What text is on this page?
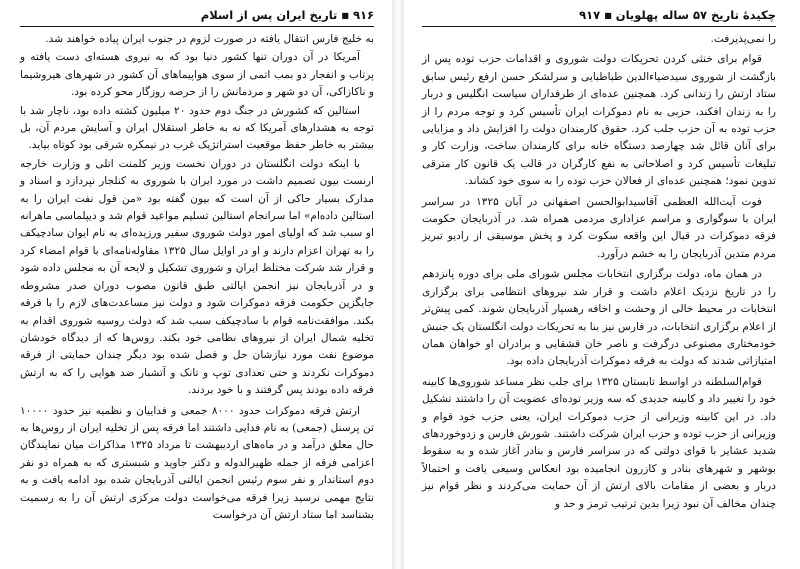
۹۱۶
■
تاریخ ایران پس از اسلام

به خلیج فارس انتقال یافته در صورت لزوم در جنوب ایران پیاده خواهند شد.

آمریکا در آن دوران تنها کشور دنیا بود که به نیروی هسته‌ای دست یافته و پرتاب و انفجار دو بمب اتمی از سوی هواپیماهای آن کشور در شهرهای هیروشیما و ناکازاکی، آن دو شهر و مردمانش را از حرصه روزگار محو کرده بود.

استالین که کشورش در جنگ دوم حدود ۲۰ میلیون کشته داده بود، ناچار شد با توجه به هشدارهای آمریکا که نه به خاطر استقلال ایران و آسایش مردم آن، بل بیشتر به خاطر حفظ موقعیت استراتژیک غرب در نیمکره شرقی بود کوتاه بیاید.

با اینکه دولت انگلستان در دوران نخست وزیر کلمنت اتلی و وزارت خارجه ارنست بیون تصمیم داشت در مورد ایران با شوروی به کنلجار نپردازد و اسناد و مدارک بسیار حاکی از آن است که بیون گفته بود «من قول نفت ایران را به استالین داده‌ام» اما سرانجام استالین تسلیم مواعید قوام شد و دیپلماسی ماهرانه او سبب شد که اولیای امور دولت شوروی سفیر ورزیده‌ای به نام ایوان سادچیکف را به تهران اعزام دارند و او در اوایل سال ۱۳۲۵ مقاوله‌نامه‌ای با قوام امضاء کرد و قرار شد شرکت مختلط ایران و شوروی تشکیل و لایحه آن به مجلس داده شود و در آذربایجان نیز انجمن ایالتی طبق قانون مصوب دوران صدر مشروطه جایگزین حکومت فرقه دموکرات شود و دولت نیز مساعدت‌های لازم را با فرقه بکند. موافقت‌نامه قوام با سادچیکف سبب شد که دولت روسیه شوروی اقدام به تخلیه شمال ایران از نیروهای نظامی خود بکند. روس‌ها که از دیدگاه خودشان موضوع نفت مورد نیاز‌شان حل و فصل شده بود دیگر چندان حمایتی از فرقه دموکرات نکردند و حتی تعدادی توپ و تانک و آتشبار ضد هوایی را که به ارتش فرقه داده بودند پس گرفتند و با خود بردند.

ارتش فرقه دموکرات حدود ۸۰۰۰ جمعی و فداییان و نظمیه نیز حدود ۱۰۰۰۰ تن پرسنل (جمعی) به نام فدایی داشتند اما فرقه پس از تخلیه ایران از روس‌ها به حال معلق درآمد و در ماه‌های اردیبهشت تا مرداد ۱۳۲۵ مذاکرات میان نمایندگان اعزامی فرقه از جمله ظهیرالدوله و دکتر جاوید و شبستری که به همراه دو نفر دوم استاندار و نفر سوم رئیس انجمن ایالتی آذربایجان شده بود ادامه یافت و به نتایج مهمی نرسید زیرا فرقه می‌خواست دولت مرکزی ارتش آن را به رسمیت بشناسد اما ستاد ارتش آن درخواست

چکیدهٔ تاریخ ۵۷ ساله پهلویان
■
۹۱۷

را نمی‌پذیرفت.

قوام برای خنثی کردن تحریکات دولت شوروی و اقدامات حزب توده پس از بازگشت از شوروی سیدضیاءالدین طباطبایی و سرلشکر حسن ارفع رئیس سابق ستاد ارتش را زندانی کرد. همچنین عده‌ای از طرفداران سیاست انگلیس و دربار را به زندان افکند، حزبی به نام دموکرات ایران تأسیس کرد و توجه مردم را از حزب توده به آن حزب جلب کرد. حقوق کارمندان دولت را افزایش داد و مزایایی برای آنان قائل شد چهارصد دستگاه خانه برای کارمندان ساخت، وزارت کار و تبلیغات تأسیس کرد و اصلاحاتی به نفع کارگران در قالب یک قانون کار مترقی تدوین نمود؛ همچنین عده‌ای از فعالان حزب توده را به سوی خود کشاند.

فوت آیت‌الله العظمی آقاسیدابوالحسن اصفهانی در آبان ۱۳۲۵ در سراسر ایران با سوگواری و مراسم عزاداری مردمی همراه شد. در آذربایجان حکومت فرقه دموکرات در قبال این واقعه سکوت کرد و پخش موسیقی از رادیو تبریز مردم متدین آذربایجان را به خشم درآورد.

در همان ماه، دولت برگزاری انتخابات مجلس شورای ملی برای دوره پانزدهم را در تاریخ نزدیک اعلام داشت و قرار شد نیروهای انتظامی برای برگزاری انتخابات در محیط خالی از وحشت و اخافه رهسپار آذربایجان شوند. کمی پیش‌تر از اعلام برگزاری انتخابات، در فارس نیز بنا به تحریکات دولت انگلستان یک جنبش خودمختاری مصنوعی درگرفت و ناصر خان قشقایی و برادران او خواهان همان امتیازاتی شدند که دولت به فرقه دموکرات آذربایجان داده بود.

قوام‌السلطنه در اواسط تابستان ۱۳۲۵ برای جلب نظر مساعد شوروی‌ها کابینه خود را تغییر داد و کابینه جدیدی که سه وزیر توده‌ای عضویت آن را داشتند تشکیل داد. در این کابینه وزیرانی از حزب دموکرات ایران، یعنی حزب خود قوام و وزیرانی از حزب توده و حزب ایران شرکت داشتند. شورش فارس و زدوخوردهای شدید عشایر با قوای دولتی که در سراسر فارس و بنادر آغاز شده و به سقوط بوشهر و شهرهای بنادر و کازرون انجامیده بود انعکاس وسیعی یافت و احتمالاً دربار و بعضی از مقامات بالای ارتش از آن حمایت می‌کردند و نظر قوام نیز چندان مخالف آن نبود زیرا بدین ترتیب ترمز و حد و
